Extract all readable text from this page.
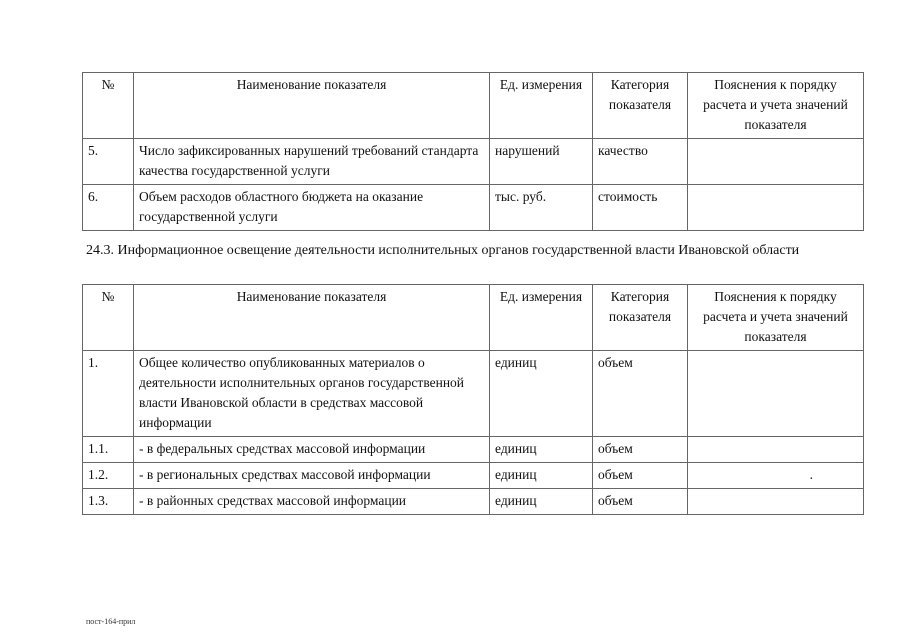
№	Наименование показателя	Ед. измерения	Категория показателя	Пояснения к порядку расчета и учета значений показателя
5.	Число зафиксированных нарушений требований стандарта качества государственной услуги	нарушений	качество	
6.	Объем расходов областного бюджета на оказание государственной услуги	тыс. руб.	стоимость	
24.3. Информационное освещение деятельности исполнительных органов государственной власти Ивановской области
№	Наименование показателя	Ед. измерения	Категория показателя	Пояснения к порядку расчета и учета значений показателя
1.	Общее количество опубликованных материалов о деятельности исполнительных органов государственной власти Ивановской области в средствах массовой информации	единиц	объем	
1.1.	- в федеральных средствах массовой информации	единиц	объем	
1.2.	- в региональных средствах массовой информации	единиц	объем	.
1.3.	- в районных средствах массовой информации	единиц	объем	
пост-164-прил
